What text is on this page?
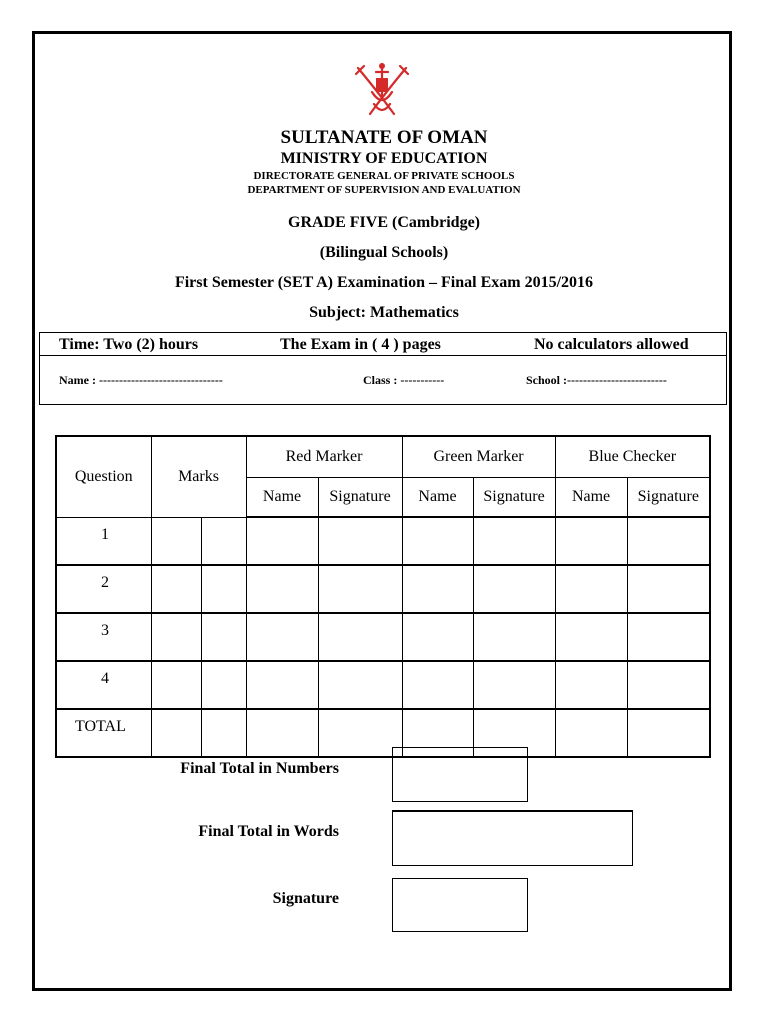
SULTANATE OF OMAN
MINISTRY OF EDUCATION
DIRECTORATE GENERAL OF PRIVATE SCHOOLS
DEPARTMENT OF SUPERVISION AND EVALUATION
GRADE FIVE (Cambridge)
(Bilingual Schools)
First Semester (SET A) Examination – Final Exam 2015/2016
Subject: Mathematics
Time: Two (2) hours	The Exam in ( 4 ) pages	No calculators allowed
Name : -------------------------------	Class : -----------	School :-------------------------
Question	Marks		Red Marker		Green Marker		Blue Checker	
			Name	Signature	Name	Signature	Name	Signature
1								
2								
3								
4								
TOTAL								
Final Total in Numbers
Final Total in Words
Signature
